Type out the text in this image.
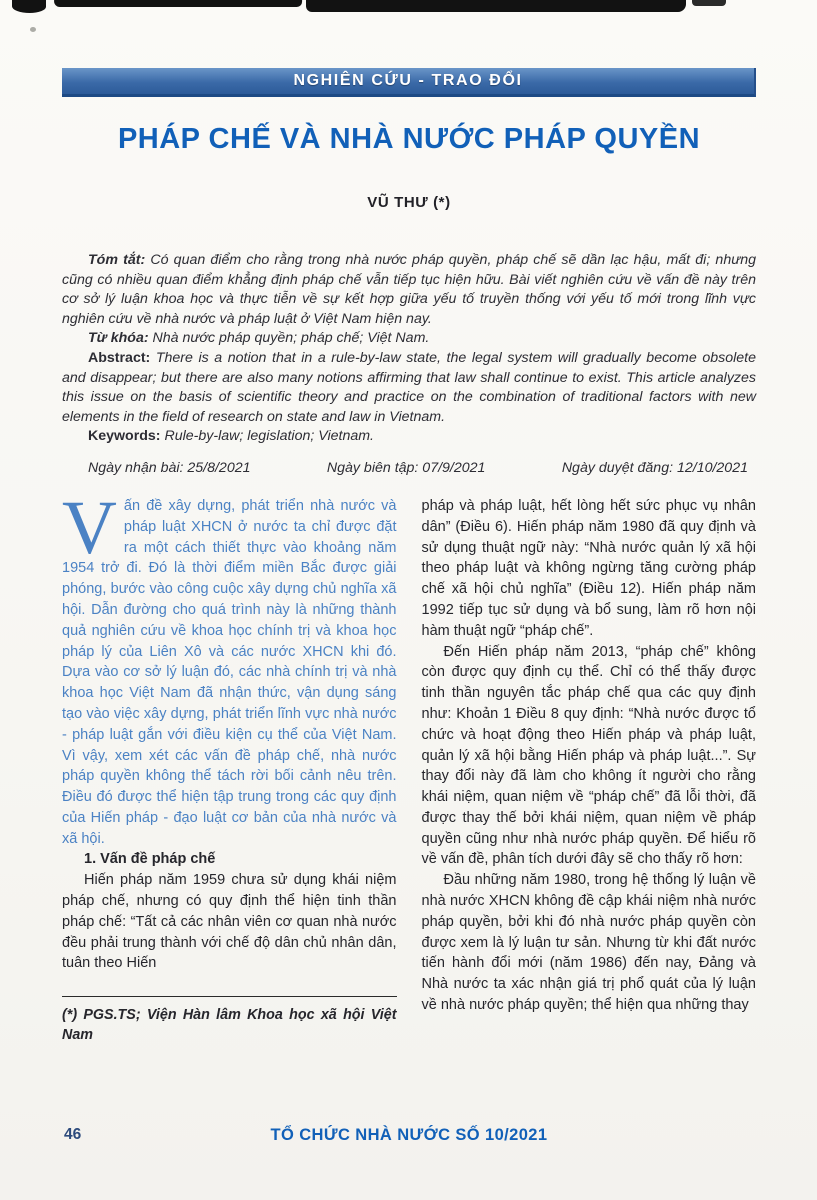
NGHIÊN CỨU - TRAO ĐỔI
PHÁP CHẾ VÀ NHÀ NƯỚC PHÁP QUYỀN
VŨ THƯ (*)

Tóm tắt: Có quan điểm cho rằng trong nhà nước pháp quyền, pháp chế sẽ dần lạc hậu, mất đi; nhưng cũng có nhiều quan điểm khẳng định pháp chế vẫn tiếp tục hiện hữu. Bài viết nghiên cứu về vấn đề này trên cơ sở lý luận khoa học và thực tiễn về sự kết hợp giữa yếu tố truyền thống với yếu tố mới trong lĩnh vực nghiên cứu về nhà nước và pháp luật ở Việt Nam hiện nay.

Từ khóa: Nhà nước pháp quyền; pháp chế; Việt Nam.

Abstract: There is a notion that in a rule-by-law state, the legal system will gradually become obsolete and disappear; but there are also many notions affirming that law shall continue to exist. This article analyzes this issue on the basis of scientific theory and practice on the combination of traditional factors with new elements in the field of research on state and law in Vietnam.

Keywords: Rule-by-law; legislation; Vietnam.

Ngày nhận bài: 25/8/2021	Ngày biên tập: 07/9/2021	Ngày duyệt đăng: 12/10/2021

V ấn đề xây dựng, phát triển nhà nước và pháp luật XHCN ở nước ta chỉ được đặt ra một cách thiết thực vào khoảng năm 1954 trở đi. Đó là thời điểm miền Bắc được giải phóng, bước vào công cuộc xây dựng chủ nghĩa xã hội. Dẫn đường cho quá trình này là những thành quả nghiên cứu về khoa học chính trị và khoa học pháp lý của Liên Xô và các nước XHCN khi đó. Dựa vào cơ sở lý luận đó, các nhà chính trị và nhà khoa học Việt Nam đã nhận thức, vận dụng sáng tạo vào việc xây dựng, phát triển lĩnh vực nhà nước - pháp luật gắn với điều kiện cụ thể của Việt Nam. Vì vậy, xem xét các vấn đề pháp chế, nhà nước pháp quyền không thể tách rời bối cảnh nêu trên. Điều đó được thể hiện tập trung trong các quy định của Hiến pháp - đạo luật cơ bản của nhà nước và xã hội.

1. Vấn đề pháp chế

Hiến pháp năm 1959 chưa sử dụng khái niệm pháp chế, nhưng có quy định thể hiện tinh thần pháp chế: “Tất cả các nhân viên cơ quan nhà nước đều phải trung thành với chế độ dân chủ nhân dân, tuân theo Hiến

(*) PGS.TS; Viện Hàn lâm Khoa học xã hội Việt Nam

pháp và pháp luật, hết lòng hết sức phục vụ nhân dân” (Điều 6). Hiến pháp năm 1980 đã quy định và sử dụng thuật ngữ này: “Nhà nước quản lý xã hội theo pháp luật và không ngừng tăng cường pháp chế xã hội chủ nghĩa” (Điều 12). Hiến pháp năm 1992 tiếp tục sử dụng và bổ sung, làm rõ hơn nội hàm thuật ngữ “pháp chế”.

Đến Hiến pháp năm 2013, “pháp chế” không còn được quy định cụ thể. Chỉ có thể thấy được tinh thần nguyên tắc pháp chế qua các quy định như: Khoản 1 Điều 8 quy định: “Nhà nước được tổ chức và hoạt động theo Hiến pháp và pháp luật, quản lý xã hội bằng Hiến pháp và pháp luật...”. Sự thay đổi này đã làm cho không ít người cho rằng khái niệm, quan niệm về “pháp chế” đã lỗi thời, đã được thay thế bởi khái niệm, quan niệm về pháp quyền cũng như nhà nước pháp quyền. Để hiểu rõ về vấn đề, phân tích dưới đây sẽ cho thấy rõ hơn:

Đầu những năm 1980, trong hệ thống lý luận về nhà nước XHCN không đề cập khái niệm nhà nước pháp quyền, bởi khi đó nhà nước pháp quyền còn được xem là lý luận tư sản. Nhưng từ khi đất nước tiến hành đổi mới (năm 1986) đến nay, Đảng và Nhà nước ta xác nhận giá trị phổ quát của lý luận về nhà nước pháp quyền; thể hiện qua những thay

46	TỔ CHỨC NHÀ NƯỚC SỐ 10/2021
